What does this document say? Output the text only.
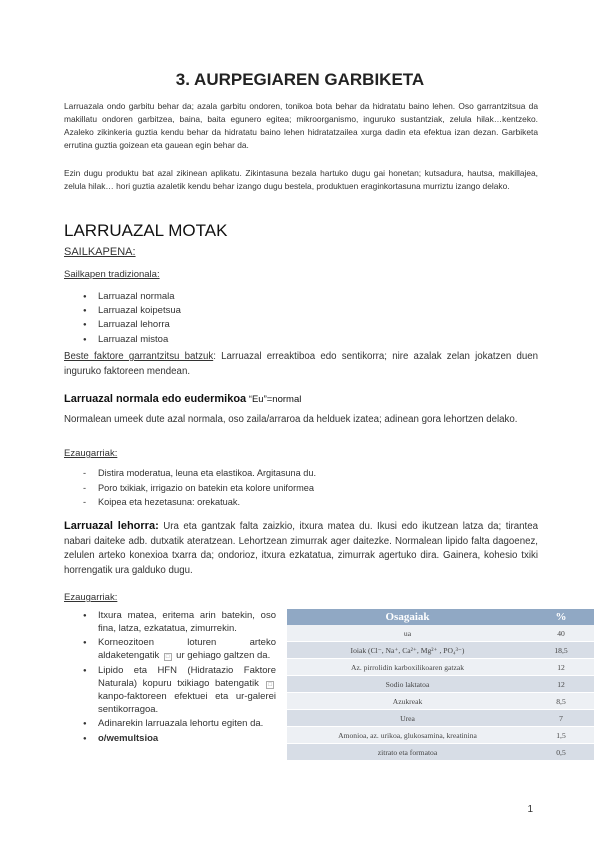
3. AURPEGIAREN GARBIKETA
Larruazala ondo garbitu behar da; azala garbitu ondoren, tonikoa bota behar da hidratatu baino lehen. Oso garrantzitsua da makillatu ondoren garbitzea, baina, baita egunero egitea; mikroorganismo, inguruko sustantziak, zelula hilak…kentzeko. Azaleko zikinkeria guztia kendu behar da hidratatu baino lehen hidratatzailea xurga dadin eta efektua izan dezan. Garbiketa errutina guztia goizean eta gauean egin behar da.
Ezin dugu produktu bat azal zikinean aplikatu. Zikintasuna bezala hartuko dugu gai honetan; kutsadura, hautsa, makillajea, zelula hilak… hori guztia azaletik kendu behar izango dugu bestela, produktuen eraginkortasuna murriztu izango delako.
LARRUAZAL MOTAK
SAILKAPENA:
Sailkapen tradizionala:
● Larruazal normala
● Larruazal koipetsua
● Larruazal lehorra
● Larruazal mistoa
Beste faktore garrantzitsu batzuk: Larruazal erreaktiboa edo sentikorra; nire azalak zelan jokatzen duen inguruko faktoreen mendean.
Larruazal normala edo eudermikoa “Eu”=normal
Normalean umeek dute azal normala, oso zaila/arraroa da helduek izatea; adinean gora lehortzen delako.
Ezaugarriak:
- Distira moderatua, leuna eta elastikoa. Argitasuna du.
- Poro txikiak, irrigazio on batekin eta kolore uniformea
- Koipea eta hezetasuna: orekatuak.
Larruazal lehorra: Ura eta gantzak falta zaizkio, itxura matea du. Ikusi edo ikutzean latza da; tirantea nabari daiteke adb. dutxatik ateratzean. Lehortzean zimurrak ager daitezke. Normalean lipido falta dagoenez, zelulen arteko konexioa txarra da; ondorioz, itxura ezkatatua, zimurrak agertuko dira. Gainera, kohesio txiki horrengatik ura galduko dugu.
Ezaugarriak:
● Itxura matea, eritema arin batekin, oso fina, latza, ezkatatua, zimurrekin.
● Korneozitoen loturen arteko aldaketengatik □ ur gehiago galtzen da.
● Lipido eta HFN (Hidratazio Faktore Naturala) kopuru txikiago batengatik □ kanpo-faktoreen efektuei eta ur-galerei sentikorragoa.
● Adinarekin larruazala lehortu egiten da.
● o/wemultsioa
Osagaiak	%
ua	40
Ioiak (Cl⁻, Na⁺, Ca²⁺, Mg²⁺ , PO₄³⁻)	18,5
Az. pirrolidin karboxilikoaren gatzak	12
Sodio laktatoa	12
Azukreak	8,5
Urea	7
Amonioa, az. urikoa, glukosamina, kreatinina	1,5
zitrato eta formatoa	0,5
1
